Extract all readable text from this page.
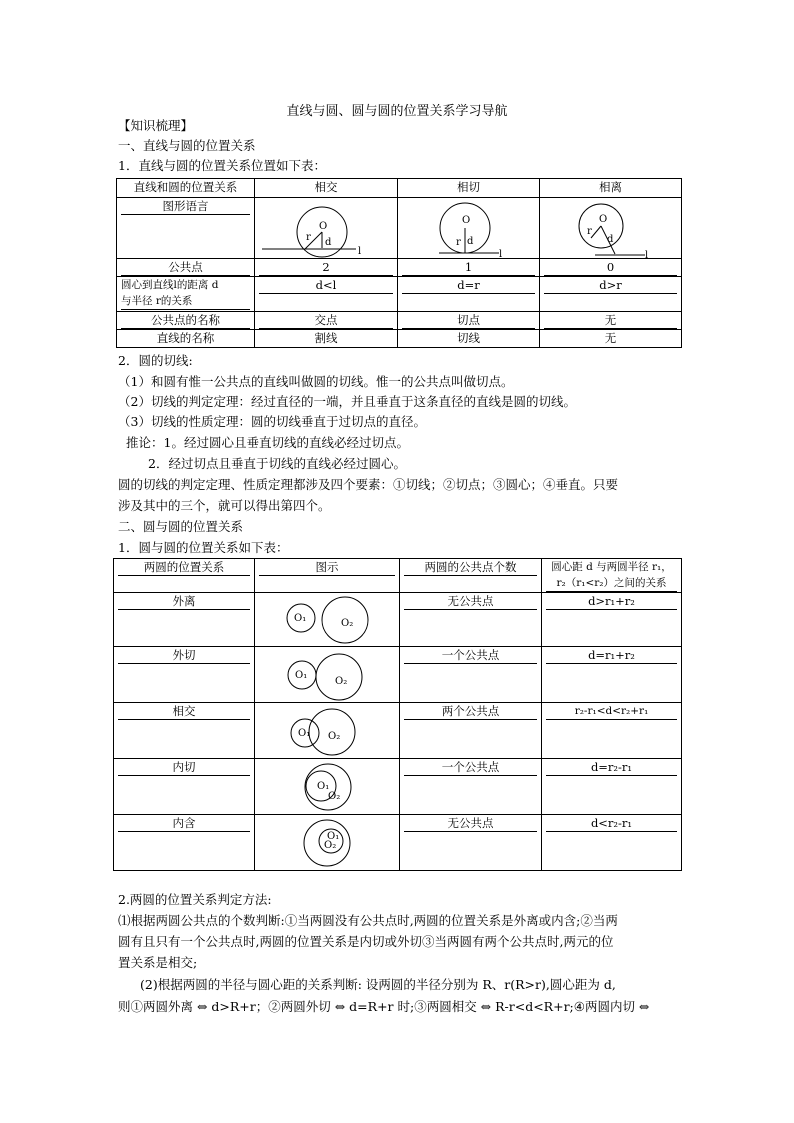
直线与圆、圆与圆的位置关系学习导航
【知识梳理】
一、直线与圆的位置关系
1．直线与圆的位置关系位置如下表：
直线和圆的位置关系	相交	相切	相离

图形语言	O
r d
l	O
r d
l	O
r
d
l

公共点	2	1	0

圆心到直线l的距离 d
与半径 r的关系	d<l	d=r	d>r

公共点的名称	交点	切点	无

直线的名称	割线	切线	无
2．圆的切线:
（1）和圆有惟一公共点的直线叫做圆的切线。惟一的公共点叫做切点。
（2）切线的判定定理：经过直径的一端，并且垂直于这条直径的直线是圆的切线。
（3）切线的性质定理：圆的切线垂直于过切点的直径。
推论：1。经过圆心且垂直切线的直线必经过切点。
2．经过切点且垂直于切线的直线必经过圆心。
圆的切线的判定定理、性质定理都涉及四个要素：①切线；②切点；③圆心；④垂直。只要
涉及其中的三个，就可以得出第四个。
二、圆与圆的位置关系
1．圆与圆的位置关系如下表：
两圆的位置关系	图示	两圆的公共点个数	圆心距 d 与两圆半径 r₁，
r₂（r₁<r₂）之间的关系

外离	O₁ O₂	无公共点	d>r₁+r₂

外切	O₁
O₂	一个公共点	d=r₁+r₂

相交	O₁ O₂	两个公共点	r₂-r₁<d<r₂+r₁

内切	O₁
O₂	一个公共点	d=r₂-r₁

内含	O₁
O₂	无公共点	d<r₂-r₁
2.两圆的位置关系判定方法:
⑴根据两圆公共点的个数判断:①当两圆没有公共点时,两圆的位置关系是外离或内含;②当两
圆有且只有一个公共点时,两圆的位置关系是内切或外切③当两圆有两个公共点时,两元的位
置关系是相交;
(2)根据两圆的半径与圆心距的关系判断: 设两圆的半径分别为 R、r(R>r),圆心距为 d,
则①两圆外离 ⇔ d>R+r；②两圆外切 ⇔ d=R+r 时;③两圆相交 ⇔ R-r<d<R+r;④两圆内切 ⇔
